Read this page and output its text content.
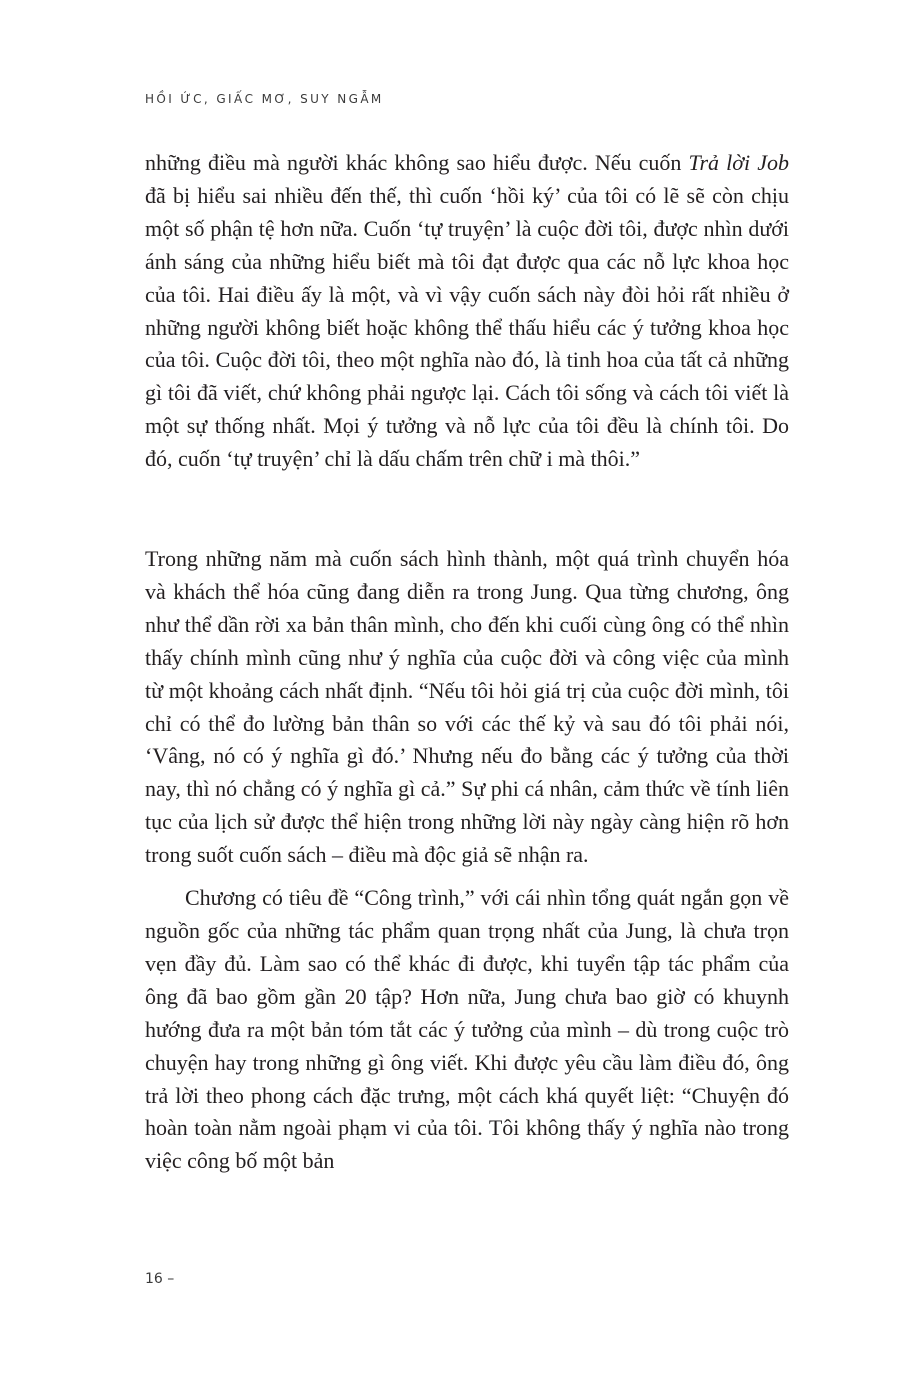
HỒI ỨC, GIẤC MƠ, SUY NGẪM

những điều mà người khác không sao hiểu được. Nếu cuốn Trả lời Job đã bị hiểu sai nhiều đến thế, thì cuốn ‘hồi ký’ của tôi có lẽ sẽ còn chịu một số phận tệ hơn nữa. Cuốn ‘tự truyện’ là cuộc đời tôi, được nhìn dưới ánh sáng của những hiểu biết mà tôi đạt được qua các nỗ lực khoa học của tôi. Hai điều ấy là một, và vì vậy cuốn sách này đòi hỏi rất nhiều ở những người không biết hoặc không thể thấu hiểu các ý tưởng khoa học của tôi. Cuộc đời tôi, theo một nghĩa nào đó, là tinh hoa của tất cả những gì tôi đã viết, chứ không phải ngược lại. Cách tôi sống và cách tôi viết là một sự thống nhất. Mọi ý tưởng và nỗ lực của tôi đều là chính tôi. Do đó, cuốn ‘tự truyện’ chỉ là dấu chấm trên chữ i mà thôi.”

Trong những năm mà cuốn sách hình thành, một quá trình chuyển hóa và khách thể hóa cũng đang diễn ra trong Jung. Qua từng chương, ông như thể dần rời xa bản thân mình, cho đến khi cuối cùng ông có thể nhìn thấy chính mình cũng như ý nghĩa của cuộc đời và công việc của mình từ một khoảng cách nhất định. “Nếu tôi hỏi giá trị của cuộc đời mình, tôi chỉ có thể đo lường bản thân so với các thế kỷ và sau đó tôi phải nói, ‘Vâng, nó có ý nghĩa gì đó.’ Nhưng nếu đo bằng các ý tưởng của thời nay, thì nó chẳng có ý nghĩa gì cả.” Sự phi cá nhân, cảm thức về tính liên tục của lịch sử được thể hiện trong những lời này ngày càng hiện rõ hơn trong suốt cuốn sách – điều mà độc giả sẽ nhận ra.

Chương có tiêu đề “Công trình,” với cái nhìn tổng quát ngắn gọn về nguồn gốc của những tác phẩm quan trọng nhất của Jung, là chưa trọn vẹn đầy đủ. Làm sao có thể khác đi được, khi tuyển tập tác phẩm của ông đã bao gồm gần 20 tập? Hơn nữa, Jung chưa bao giờ có khuynh hướng đưa ra một bản tóm tắt các ý tưởng của mình – dù trong cuộc trò chuyện hay trong những gì ông viết. Khi được yêu cầu làm điều đó, ông trả lời theo phong cách đặc trưng, một cách khá quyết liệt: “Chuyện đó hoàn toàn nằm ngoài phạm vi của tôi. Tôi không thấy ý nghĩa nào trong việc công bố một bản

16 –
